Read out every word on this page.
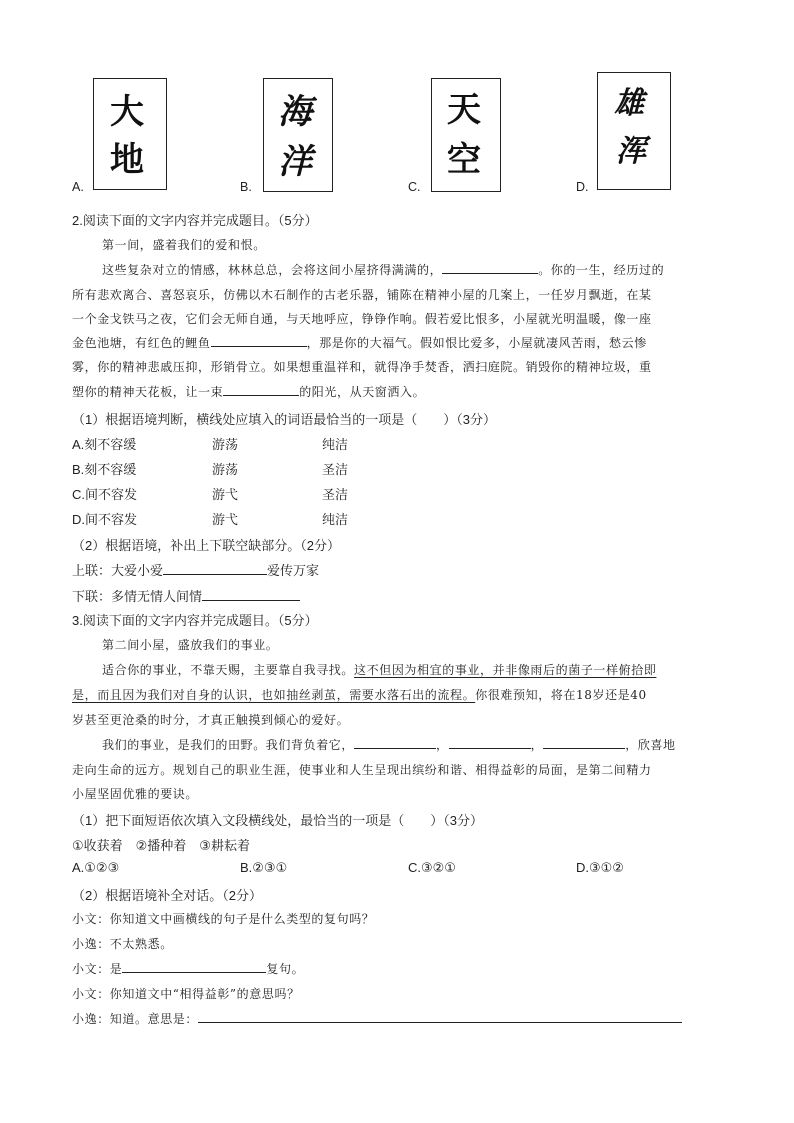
A.
大
地
B.
海
洋
C.
天
空
D.
雄
浑
2.阅读下面的文字内容并完成题目。（5分）
第一间，盛着我们的爱和恨。
这些复杂对立的情感，林林总总，会将这间小屋挤得满满的，	。你的一生，经历过的
所有悲欢离合、喜怒哀乐，仿佛以木石制作的古老乐器，铺陈在精神小屋的几案上，一任岁月飘逝，在某
一个金戈铁马之夜，它们会无师自通，与天地呼应，铮铮作响。假若爱比恨多，小屋就光明温暖，像一座
金色池塘，有红色的鲤鱼	，那是你的大福气。假如恨比爱多，小屋就凄风苦雨，愁云惨
雾，你的精神悲戚压抑，形销骨立。如果想重温祥和，就得净手焚香，洒扫庭院。销毁你的精神垃圾，重
塑你的精神天花板，让一束	的阳光，从天窗洒入。
（1）根据语境判断，横线处应填入的词语最恰当的一项是（　　）（3分）
A.刻不容缓	游荡	纯洁
B.刻不容缓	游荡	圣洁
C.间不容发	游弋	圣洁
D.间不容发	游弋	纯洁
（2）根据语境，补出上下联空缺部分。（2分）
上联：大爱小爱	爱传万家
下联：多情无情人间情
3.阅读下面的文字内容并完成题目。（5分）
第二间小屋，盛放我们的事业。
适合你的事业，不靠天赐，主要靠自我寻找。这不但因为相宜的事业，并非像雨后的菌子一样俯拾即
是，而且因为我们对自身的认识，也如抽丝剥茧，需要水落石出的流程。你很难预知，将在18岁还是40
岁甚至更沧桑的时分，才真正触摸到倾心的爱好。
我们的事业，是我们的田野。我们背负着它，	，	，	，欣喜地
走向生命的远方。规划自己的职业生涯，使事业和人生呈现出缤纷和谐、相得益彰的局面，是第二间精力
小屋坚固优雅的要诀。
（1）把下面短语依次填入文段横线处，最恰当的一项是（　　）（3分）
①收获着　②播种着　③耕耘着
A.①②③	B.②③①	C.③②①	D.③①②
（2）根据语境补全对话。（2分）
小文：你知道文中画横线的句子是什么类型的复句吗？
小逸：不太熟悉。
小文：是	复句。
小文：你知道文中“相得益彰”的意思吗？
小逸：知道。意思是：
